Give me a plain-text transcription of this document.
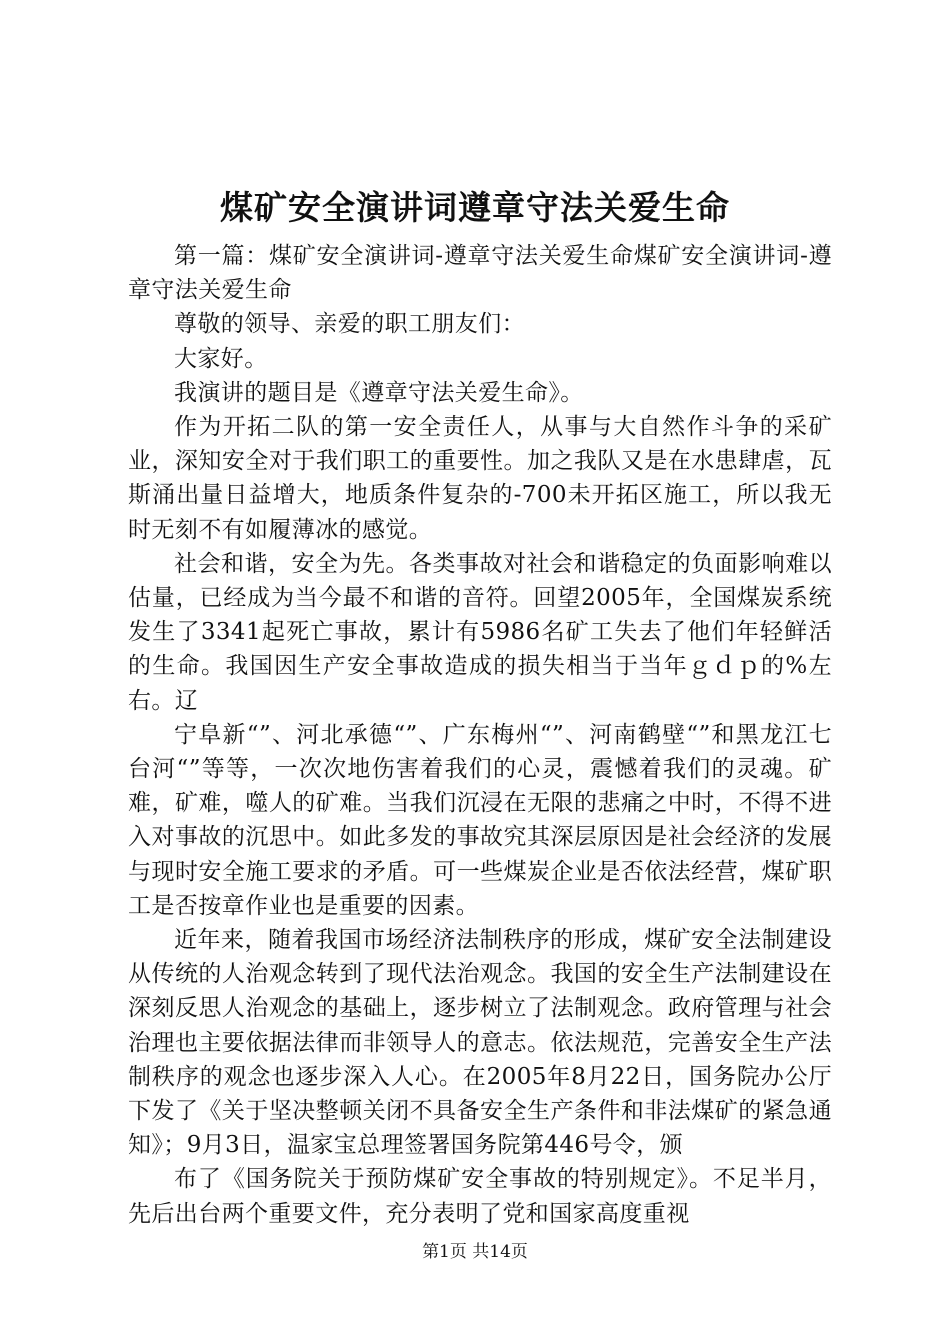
煤矿安全演讲词遵章守法关爱生命

第一篇：煤矿安全演讲词-遵章守法关爱生命煤矿安全演讲词-遵章守法关爱生命

尊敬的领导、亲爱的职工朋友们：

大家好。

我演讲的题目是《遵章守法关爱生命》。

作为开拓二队的第一安全责任人，从事与大自然作斗争的采矿业，深知安全对于我们职工的重要性。加之我队又是在水患肆虐，瓦斯涌出量日益增大，地质条件复杂的-700未开拓区施工，所以我无时无刻不有如履薄冰的感觉。

社会和谐，安全为先。各类事故对社会和谐稳定的负面影响难以估量，已经成为当今最不和谐的音符。回望2005年，全国煤炭系统发生了3341起死亡事故，累计有5986名矿工失去了他们年轻鲜活的生命。我国因生产安全事故造成的损失相当于当年ｇｄｐ的%左右。辽

宁阜新“”、河北承德“”、广东梅州“”、河南鹤壁“”和黑龙江七台河“”等等，一次次地伤害着我们的心灵，震憾着我们的灵魂。矿难，矿难，噬人的矿难。当我们沉浸在无限的悲痛之中时，不得不进入对事故的沉思中。如此多发的事故究其深层原因是社会经济的发展与现时安全施工要求的矛盾。可一些煤炭企业是否依法经营，煤矿职工是否按章作业也是重要的因素。

近年来，随着我国市场经济法制秩序的形成，煤矿安全法制建设从传统的人治观念转到了现代法治观念。我国的安全生产法制建设在深刻反思人治观念的基础上，逐步树立了法制观念。政府管理与社会治理也主要依据法律而非领导人的意志。依法规范，完善安全生产法制秩序的观念也逐步深入人心。在2005年8月22日，国务院办公厅下发了《关于坚决整顿关闭不具备安全生产条件和非法煤矿的紧急通知》；9月3日，温家宝总理签署国务院第446号令，颁

布了《国务院关于预防煤矿安全事故的特别规定》。不足半月，先后出台两个重要文件，充分表明了党和国家高度重视

第1页 共14页
